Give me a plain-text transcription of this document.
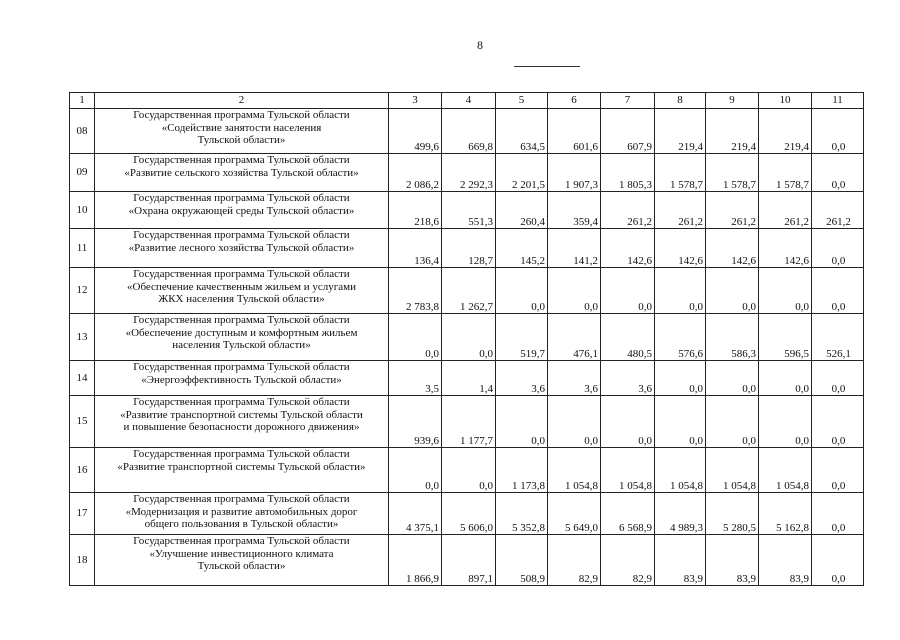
8
1	2	3	4	5	6	7	8	9	10	11
08	Государственная программа Тульской области
«Содействие занятости населения
Тульской области»	499,6	669,8	634,5	601,6	607,9	219,4	219,4	219,4	0,0
09	Государственная программа Тульской области
«Развитие сельского хозяйства Тульской области»	2 086,2	2 292,3	2 201,5	1 907,3	1 805,3	1 578,7	1 578,7	1 578,7	0,0
10	Государственная программа Тульской области
«Охрана окружающей среды Тульской области»	218,6	551,3	260,4	359,4	261,2	261,2	261,2	261,2	261,2
11	Государственная программа Тульской области
«Развитие лесного хозяйства Тульской области»	136,4	128,7	145,2	141,2	142,6	142,6	142,6	142,6	0,0
12	Государственная программа Тульской области
«Обеспечение качественным жильем и услугами
ЖКХ населения Тульской области»	2 783,8	1 262,7	0,0	0,0	0,0	0,0	0,0	0,0	0,0
13	Государственная программа Тульской области
«Обеспечение доступным и комфортным жильем
населения Тульской области»	0,0	0,0	519,7	476,1	480,5	576,6	586,3	596,5	526,1
14	Государственная программа Тульской области
«Энергоэффективность Тульской области»	3,5	1,4	3,6	3,6	3,6	0,0	0,0	0,0	0,0
15	Государственная программа Тульской области
«Развитие транспортной системы Тульской области
и повышение безопасности дорожного движения»	939,6	1 177,7	0,0	0,0	0,0	0,0	0,0	0,0	0,0
16	Государственная программа Тульской области
«Развитие транспортной системы Тульской области»	0,0	0,0	1 173,8	1 054,8	1 054,8	1 054,8	1 054,8	1 054,8	0,0
17	Государственная программа Тульской области
«Модернизация и развитие автомобильных дорог
общего пользования в Тульской области»	4 375,1	5 606,0	5 352,8	5 649,0	6 568,9	4 989,3	5 280,5	5 162,8	0,0
18	Государственная программа Тульской области
«Улучшение инвестиционного климата
Тульской области»	1 866,9	897,1	508,9	82,9	82,9	83,9	83,9	83,9	0,0
